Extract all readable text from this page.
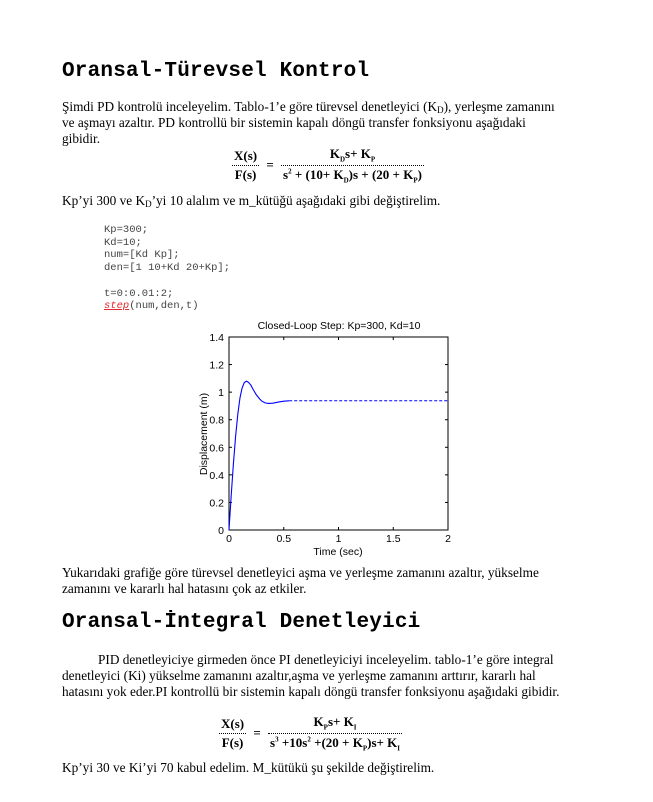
Oransal-Türevsel Kontrol
Şimdi PD kontrolü inceleyelim. Tablo-1’e göre türevsel denetleyici $(K_D)$, yerleşme zamanını
ve aşmayı azaltır. PD kontrollü bir sistemin kapalı döngü transfer fonksiyonu aşağıdaki
gibidir.
$\frac{X(s)}{F(s)} = \frac{K_Ds+ K_P}{s^2 + (10+ K_D)s + (20 + K_P)}$
Kp’yi 300 ve $K_D’yi$ 10 alalım ve m_kütüğü aşağıdaki gibi değiştirelim.
Kp=300;
Kd=10;
num=[Kd Kp];
den=[1 10+Kd 20+Kp];
t=0:0.01:2;
step(num,den,t)
Closed-Loop Step: Kp=300, Kd=10
0	0.5	1	1.5	2
0
0.2
0.4
0.6
0.8
1
1.2
1.4
Time (sec)
Displacement (m)
Yukarıdaki grafiğe göre türevsel denetleyici aşma ve yerleşme zamanını azaltır, yükselme
zamanını ve kararlı hal hatasını çok az etkiler.
Oransal-İntegral Denetleyici
PID denetleyiciye girmeden önce PI denetleyiciyi inceleyelim. tablo-1’e göre integral
denetleyici (Ki) yükselme zamanını azaltır,aşma ve yerleşme zamanını arttırır, kararlı hal
hatasını yok eder.PI kontrollü bir sistemin kapalı döngü transfer fonksiyonu aşağıdaki gibidir.
$\frac{X(s)}{F(s)} = \frac{K_Ps+ K_I}{s^3 +10s^2 +(20 + K_P)s+ K_I}$
Kp’yi 30 ve Ki’yi 70 kabul edelim. M_kütükü şu şekilde değiştirelim.
